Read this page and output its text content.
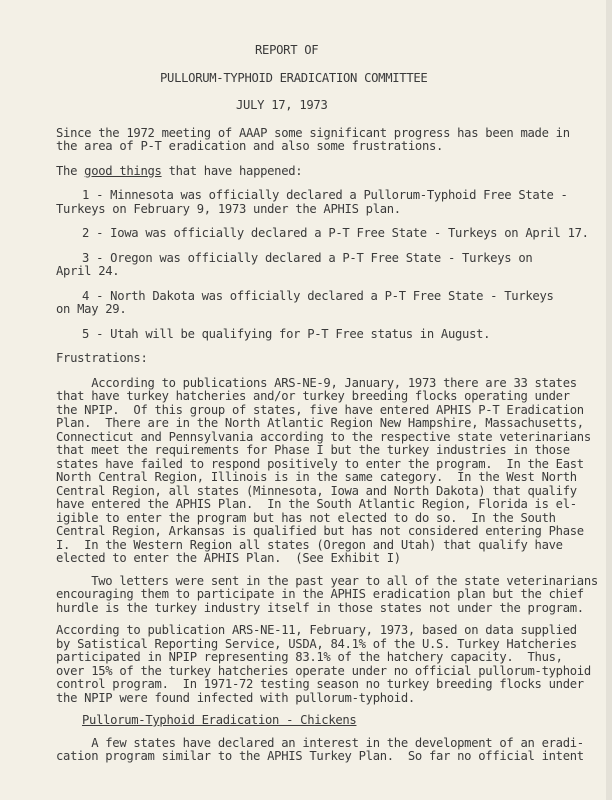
REPORT OF
PULLORUM-TYPHOID ERADICATION COMMITTEE
JULY 17, 1973
Since the 1972 meeting of AAAP some significant progress has been made in
the area of P-T eradication and also some frustrations.
The good things that have happened:
1 - Minnesota was officially declared a Pullorum-Typhoid Free State -
Turkeys on February 9, 1973 under the APHIS plan.
2 - Iowa was officially declared a P-T Free State - Turkeys on April 17.
3 - Oregon was officially declared a P-T Free State - Turkeys on
April 24.
4 - North Dakota was officially declared a P-T Free State - Turkeys
on May 29.
5 - Utah will be qualifying for P-T Free status in August.
Frustrations:
According to publications ARS-NE-9, January, 1973 there are 33 states
that have turkey hatcheries and/or turkey breeding flocks operating under
the NPIP.  Of this group of states, five have entered APHIS P-T Eradication
Plan.  There are in the North Atlantic Region New Hampshire, Massachusetts,
Connecticut and Pennsylvania according to the respective state veterinarians
that meet the requirements for Phase I but the turkey industries in those
states have failed to respond positively to enter the program.  In the East
North Central Region, Illinois is in the same category.  In the West North
Central Region, all states (Minnesota, Iowa and North Dakota) that qualify
have entered the APHIS Plan.  In the South Atlantic Region, Florida is el-
igible to enter the program but has not elected to do so.  In the South
Central Region, Arkansas is qualified but has not considered entering Phase
I.  In the Western Region all states (Oregon and Utah) that qualify have
elected to enter the APHIS Plan.  (See Exhibit I)
Two letters were sent in the past year to all of the state veterinarians
encouraging them to participate in the APHIS eradication plan but the chief
hurdle is the turkey industry itself in those states not under the program.
According to publication ARS-NE-11, February, 1973, based on data supplied
by Satistical Reporting Service, USDA, 84.1% of the U.S. Turkey Hatcheries
participated in NPIP representing 83.1% of the hatchery capacity.  Thus,
over 15% of the turkey hatcheries operate under no official pullorum-typhoid
control program.  In 1971-72 testing season no turkey breeding flocks under
the NPIP were found infected with pullorum-typhoid.
Pullorum-Typhoid Eradication - Chickens
A few states have declared an interest in the development of an eradi-
cation program similar to the APHIS Turkey Plan.  So far no official intent
